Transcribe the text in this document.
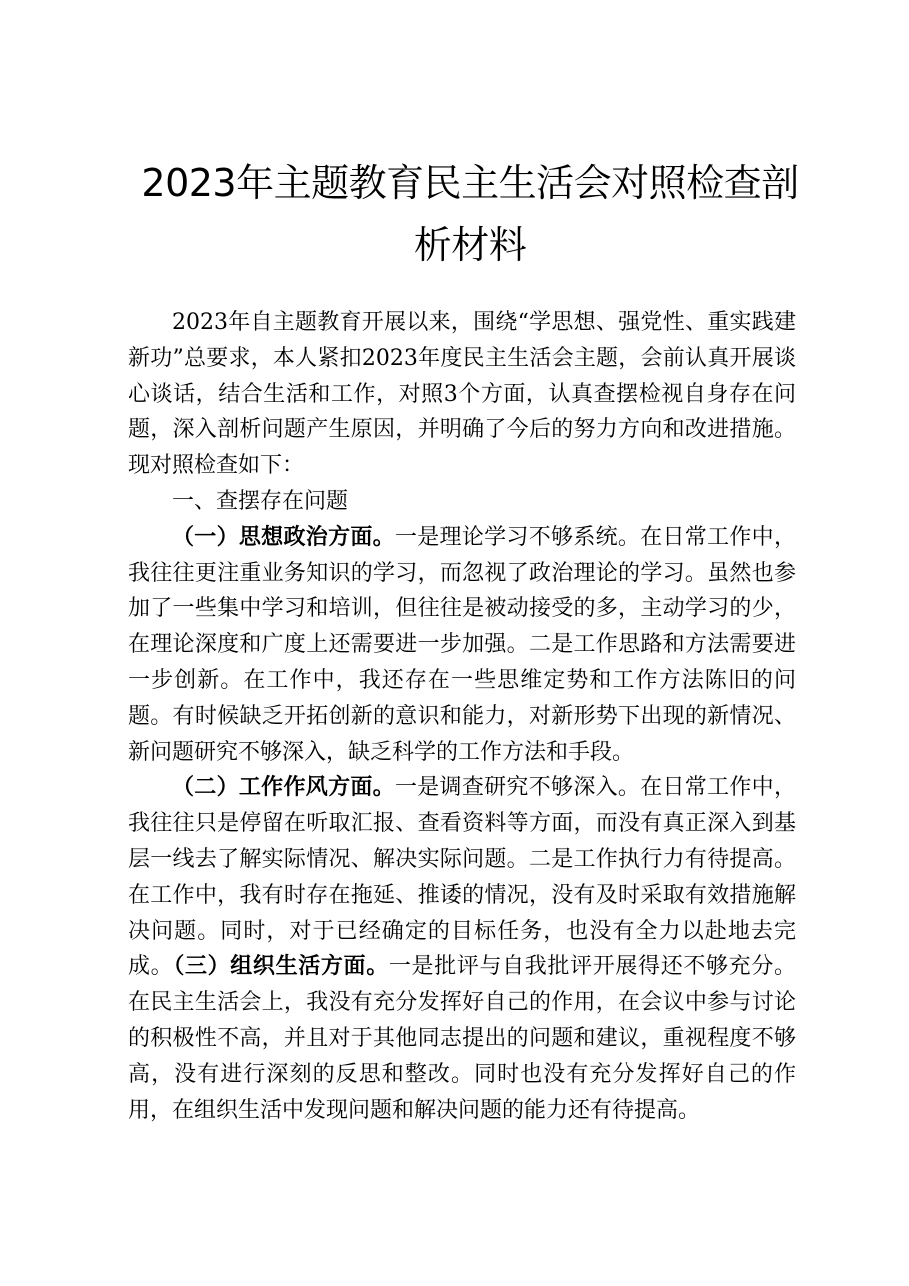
2023年主题教育民主生活会对照检查剖析材料

2023年自主题教育开展以来，围绕“学思想、强党性、重实践建新功”总要求，本人紧扣2023年度民主生活会主题，会前认真开展谈心谈话，结合生活和工作，对照3个方面，认真查摆检视自身存在问题，深入剖析问题产生原因，并明确了今后的努力方向和改进措施。现对照检查如下：

一、查摆存在问题

（一）思想政治方面。一是理论学习不够系统。在日常工作中，我往往更注重业务知识的学习，而忽视了政治理论的学习。虽然也参加了一些集中学习和培训，但往往是被动接受的多，主动学习的少，在理论深度和广度上还需要进一步加强。二是工作思路和方法需要进一步创新。在工作中，我还存在一些思维定势和工作方法陈旧的问题。有时候缺乏开拓创新的意识和能力，对新形势下出现的新情况、新问题研究不够深入，缺乏科学的工作方法和手段。

（二）工作作风方面。一是调查研究不够深入。在日常工作中，我往往只是停留在听取汇报、查看资料等方面，而没有真正深入到基层一线去了解实际情况、解决实际问题。二是工作执行力有待提高。在工作中，我有时存在拖延、推诿的情况，没有及时采取有效措施解决问题。同时，对于已经确定的目标任务，也没有全力以赴地去完成。（三）组织生活方面。一是批评与自我批评开展得还不够充分。在民主生活会上，我没有充分发挥好自己的作用，在会议中参与讨论的积极性不高，并且对于其他同志提出的问题和建议，重视程度不够高，没有进行深刻的反思和整改。同时也没有充分发挥好自己的作用，在组织生活中发现问题和解决问题的能力还有待提高。
